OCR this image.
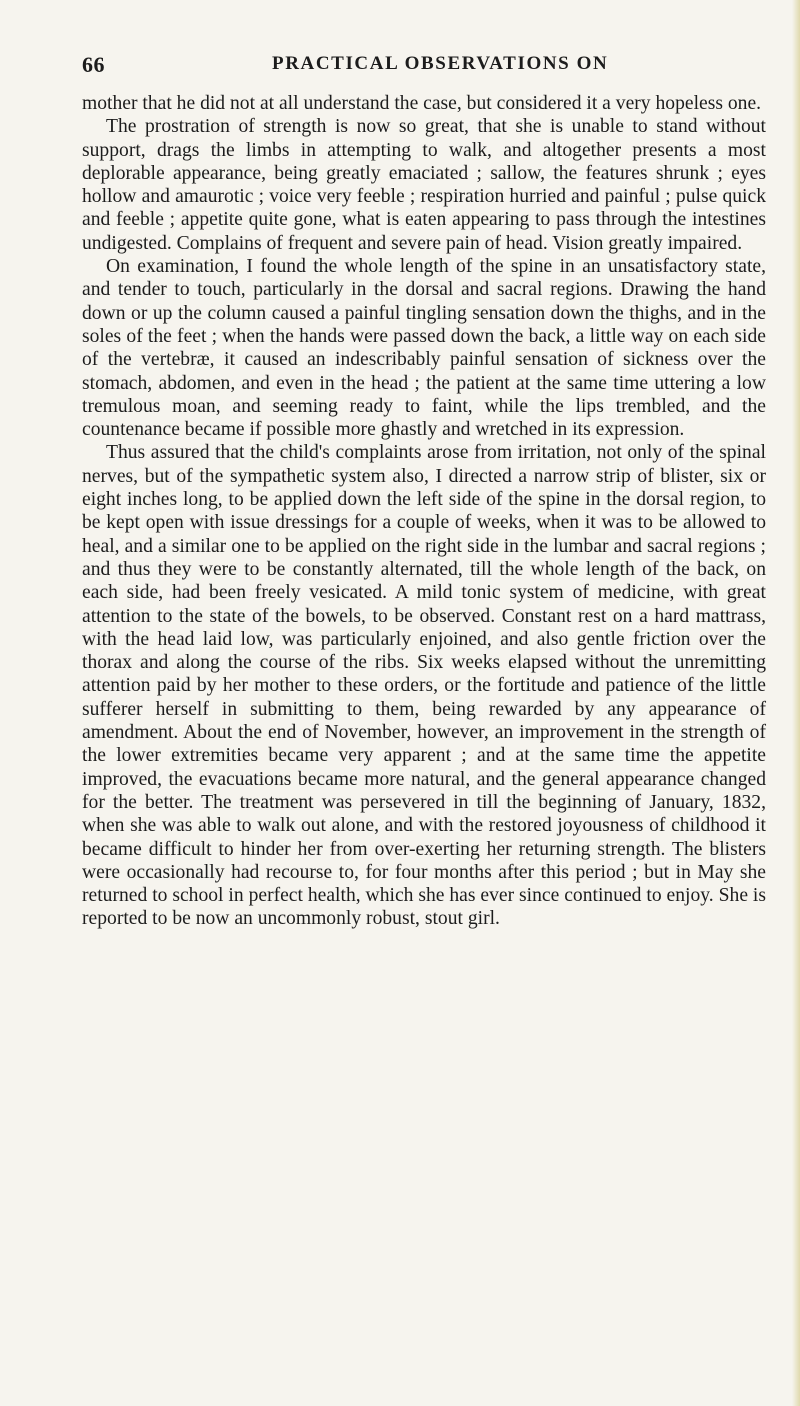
66	PRACTICAL OBSERVATIONS ON

mother that he did not at all understand the case, but considered it a very hopeless one.

The prostration of strength is now so great, that she is unable to stand without support, drags the limbs in attempting to walk, and altogether presents a most deplorable appearance, being greatly emaciated ; sallow, the features shrunk ; eyes hollow and amaurotic ; voice very feeble ; respiration hurried and painful ; pulse quick and feeble ; appetite quite gone, what is eaten appearing to pass through the intestines undigested. Complains of frequent and severe pain of head. Vision greatly impaired.

On examination, I found the whole length of the spine in an unsatisfactory state, and tender to touch, particularly in the dorsal and sacral regions. Drawing the hand down or up the column caused a painful tingling sensation down the thighs, and in the soles of the feet ; when the hands were passed down the back, a little way on each side of the vertebræ, it caused an indescribably painful sensation of sickness over the stomach, abdomen, and even in the head ; the patient at the same time uttering a low tremulous moan, and seeming ready to faint, while the lips trembled, and the countenance became if possible more ghastly and wretched in its expression.

Thus assured that the child's complaints arose from irritation, not only of the spinal nerves, but of the sympathetic system also, I directed a narrow strip of blister, six or eight inches long, to be applied down the left side of the spine in the dorsal region, to be kept open with issue dressings for a couple of weeks, when it was to be allowed to heal, and a similar one to be applied on the right side in the lumbar and sacral regions ; and thus they were to be constantly alternated, till the whole length of the back, on each side, had been freely vesicated. A mild tonic system of medicine, with great attention to the state of the bowels, to be observed. Constant rest on a hard mattrass, with the head laid low, was particularly enjoined, and also gentle friction over the thorax and along the course of the ribs. Six weeks elapsed without the unremitting attention paid by her mother to these orders, or the fortitude and patience of the little sufferer herself in submitting to them, being rewarded by any appearance of amendment. About the end of November, however, an improvement in the strength of the lower extremities became very apparent ; and at the same time the appetite improved, the evacuations became more natural, and the general appearance changed for the better. The treatment was persevered in till the beginning of January, 1832, when she was able to walk out alone, and with the restored joyousness of childhood it became difficult to hinder her from over-exerting her returning strength. The blisters were occasionally had recourse to, for four months after this period ; but in May she returned to school in perfect health, which she has ever since continued to enjoy. She is reported to be now an uncommonly robust, stout girl.
